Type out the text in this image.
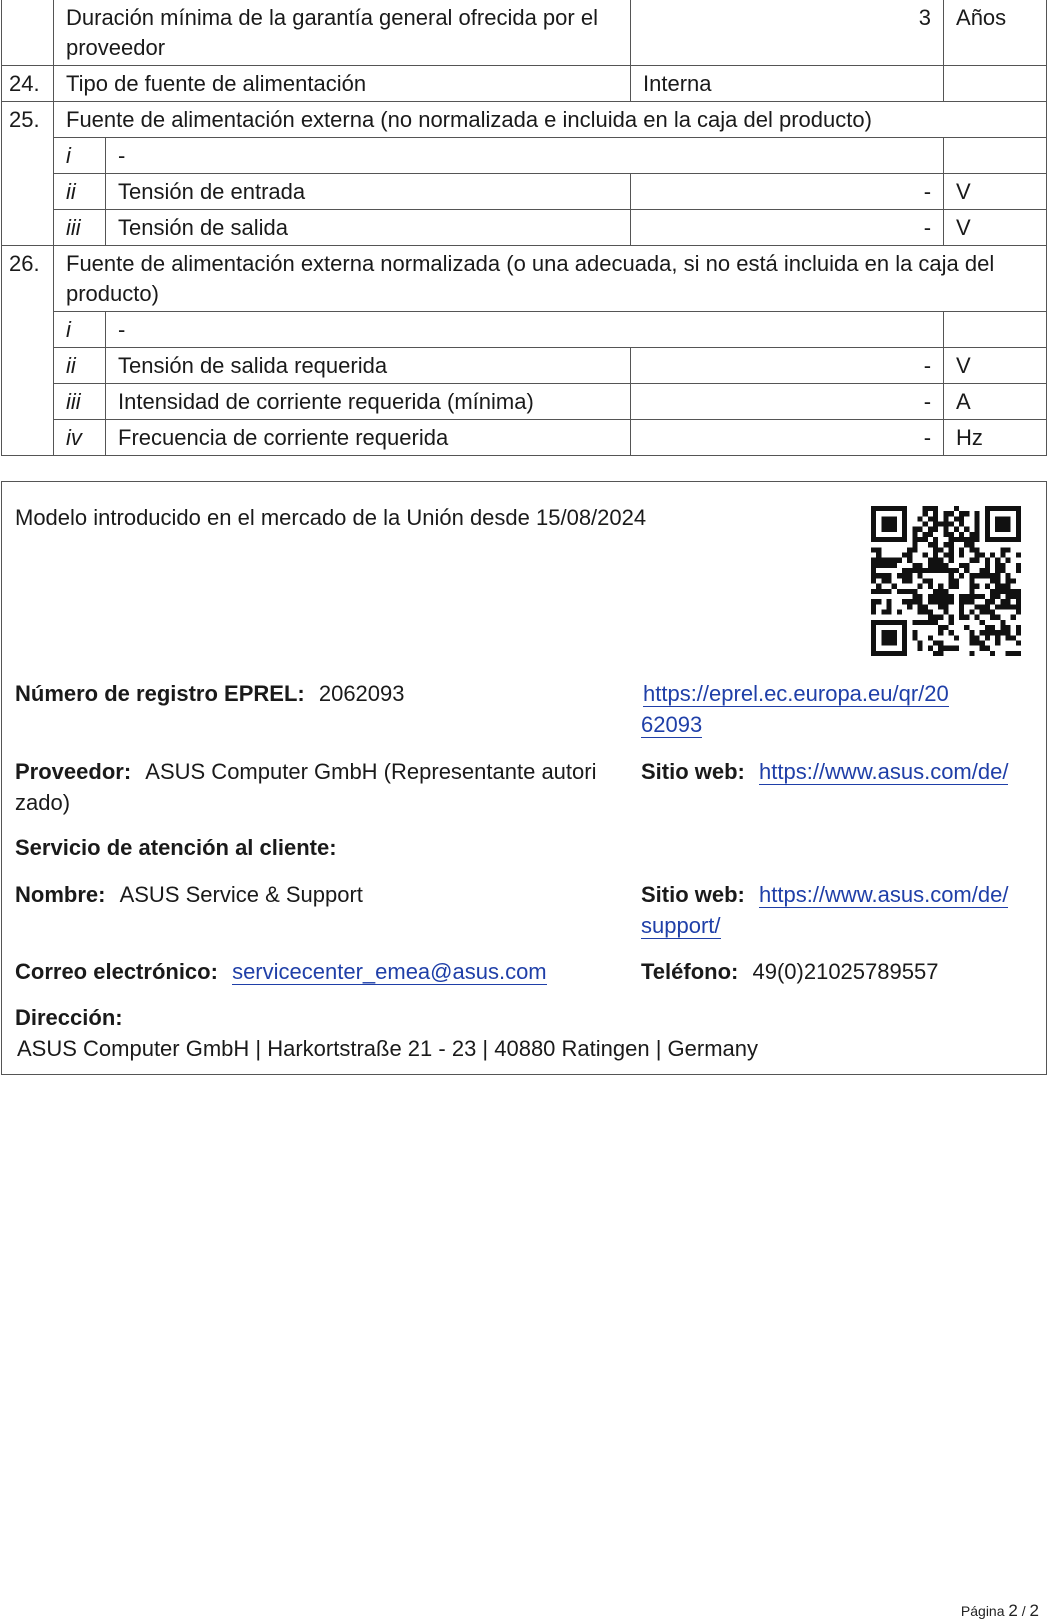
	Duración mínima de la garantía general ofrecida por el proveedor		3	Años
24.	Tipo de fuente de alimentación		Interna	
25.	Fuente de alimentación externa (no normalizada e incluida en la caja del producto)			
	i	-		
	ii	Tensión de entrada	-	V
	iii	Tensión de salida	-	V
26.	Fuente de alimentación externa normalizada (o una adecuada, si no está incluida en la caja del producto)			
	i	-		
	ii	Tensión de salida requerida	-	V
	iii	Intensidad de corriente requerida (mínima)	-	A
	iv	Frecuencia de corriente requerida	-	Hz
Modelo introducido en el mercado de la Unión desde 15/08/2024
Número de registro EPREL: 2062093	https://eprel.ec.europa.eu/qr/20
62093
Proveedor: ASUS Computer GmbH (Representante autori
zado)
Sitio web: https://www.asus.com/de/
Servicio de atención al cliente:
Nombre: ASUS Service & Support	Sitio web: https://www.asus.com/de/
support/
Correo electrónico: servicecenter_emea@asus.com	Teléfono: 49(0)21025789557
Dirección:
ASUS Computer GmbH | Harkortstraße 21 - 23 | 40880 Ratingen | Germany
Página 2 / 2
